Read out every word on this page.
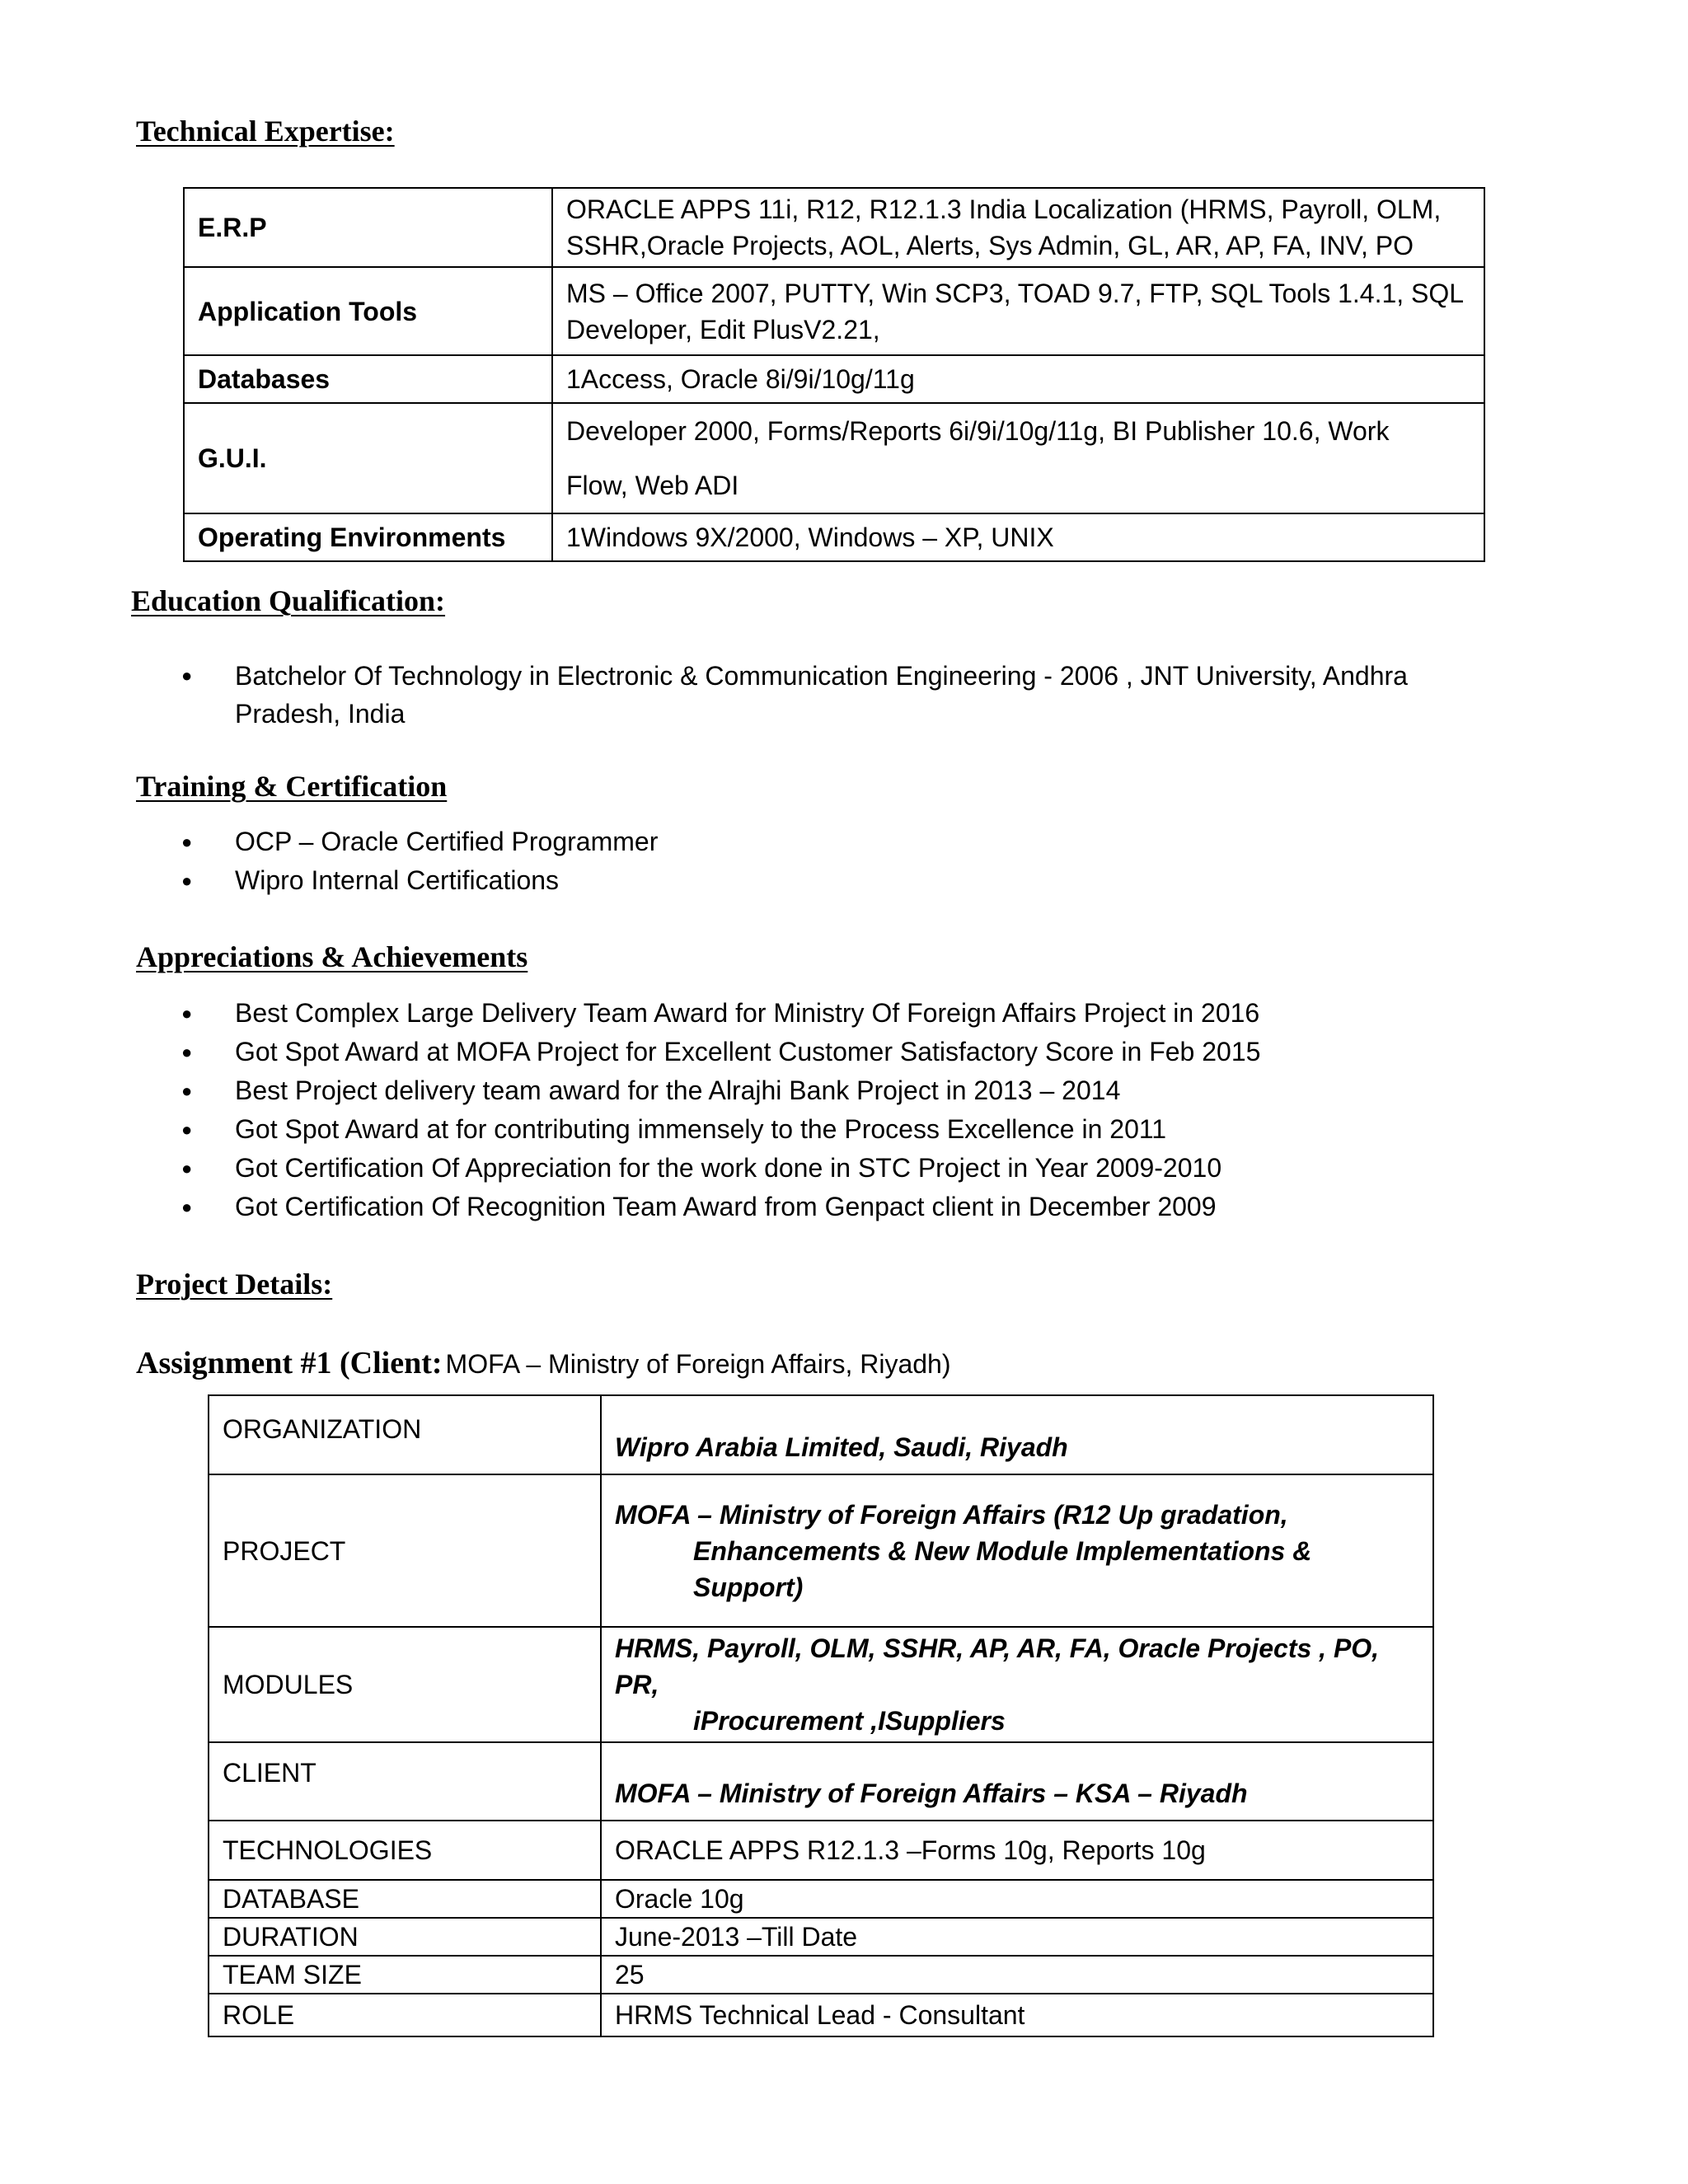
Technical Expertise:
E.R.P	ORACLE APPS 11i, R12, R12.1.3 India Localization (HRMS, Payroll, OLM, SSHR,Oracle Projects, AOL, Alerts, Sys Admin, GL, AR, AP, FA, INV, PO
Application Tools	MS – Office 2007, PUTTY, Win SCP3, TOAD 9.7, FTP, SQL Tools 1.4.1, SQL Developer, Edit PlusV2.21,
Databases	1Access, Oracle 8i/9i/10g/11g
G.U.I.	Developer 2000, Forms/Reports 6i/9i/10g/11g, BI Publisher 10.6, Work
Flow, Web ADI

Operating Environments	1Windows 9X/2000, Windows – XP, UNIX
Education Qualification:
● Batchelor Of Technology in Electronic & Communication Engineering - 2006 , JNT University, Andhra Pradesh, India
Training & Certification
● OCP – Oracle Certified Programmer
● Wipro Internal Certifications
Appreciations & Achievements
● Best Complex Large Delivery Team Award for Ministry Of Foreign Affairs Project in 2016
● Got Spot Award at MOFA Project for Excellent Customer Satisfactory Score in Feb 2015
● Best Project delivery team award for the Alrajhi Bank Project in 2013 – 2014
● Got Spot Award at for contributing immensely to the Process Excellence in 2011
● Got Certification Of Appreciation for the work done in STC Project in Year 2009-2010
● Got Certification Of Recognition Team Award from Genpact client in December 2009
Project Details:

Assignment #1 (Client: MOFA – Ministry of Foreign Affairs, Riyadh)

ORGANIZATION	Wipro Arabia Limited, Saudi, Riyadh
PROJECT	MOFA – Ministry of Foreign Affairs (R12 Up gradation,
Enhancements & New Module Implementations &
Support)

MODULES	HRMS, Payroll, OLM, SSHR, AP, AR, FA, Oracle Projects , PO, PR,
iProcurement ,ISuppliers

CLIENT	MOFA – Ministry of Foreign Affairs – KSA – Riyadh
TECHNOLOGIES	ORACLE APPS R12.1.3 –Forms 10g, Reports 10g
DATABASE	Oracle 10g
DURATION	June-2013 –Till Date
TEAM SIZE	25
ROLE	HRMS Technical Lead - Consultant
